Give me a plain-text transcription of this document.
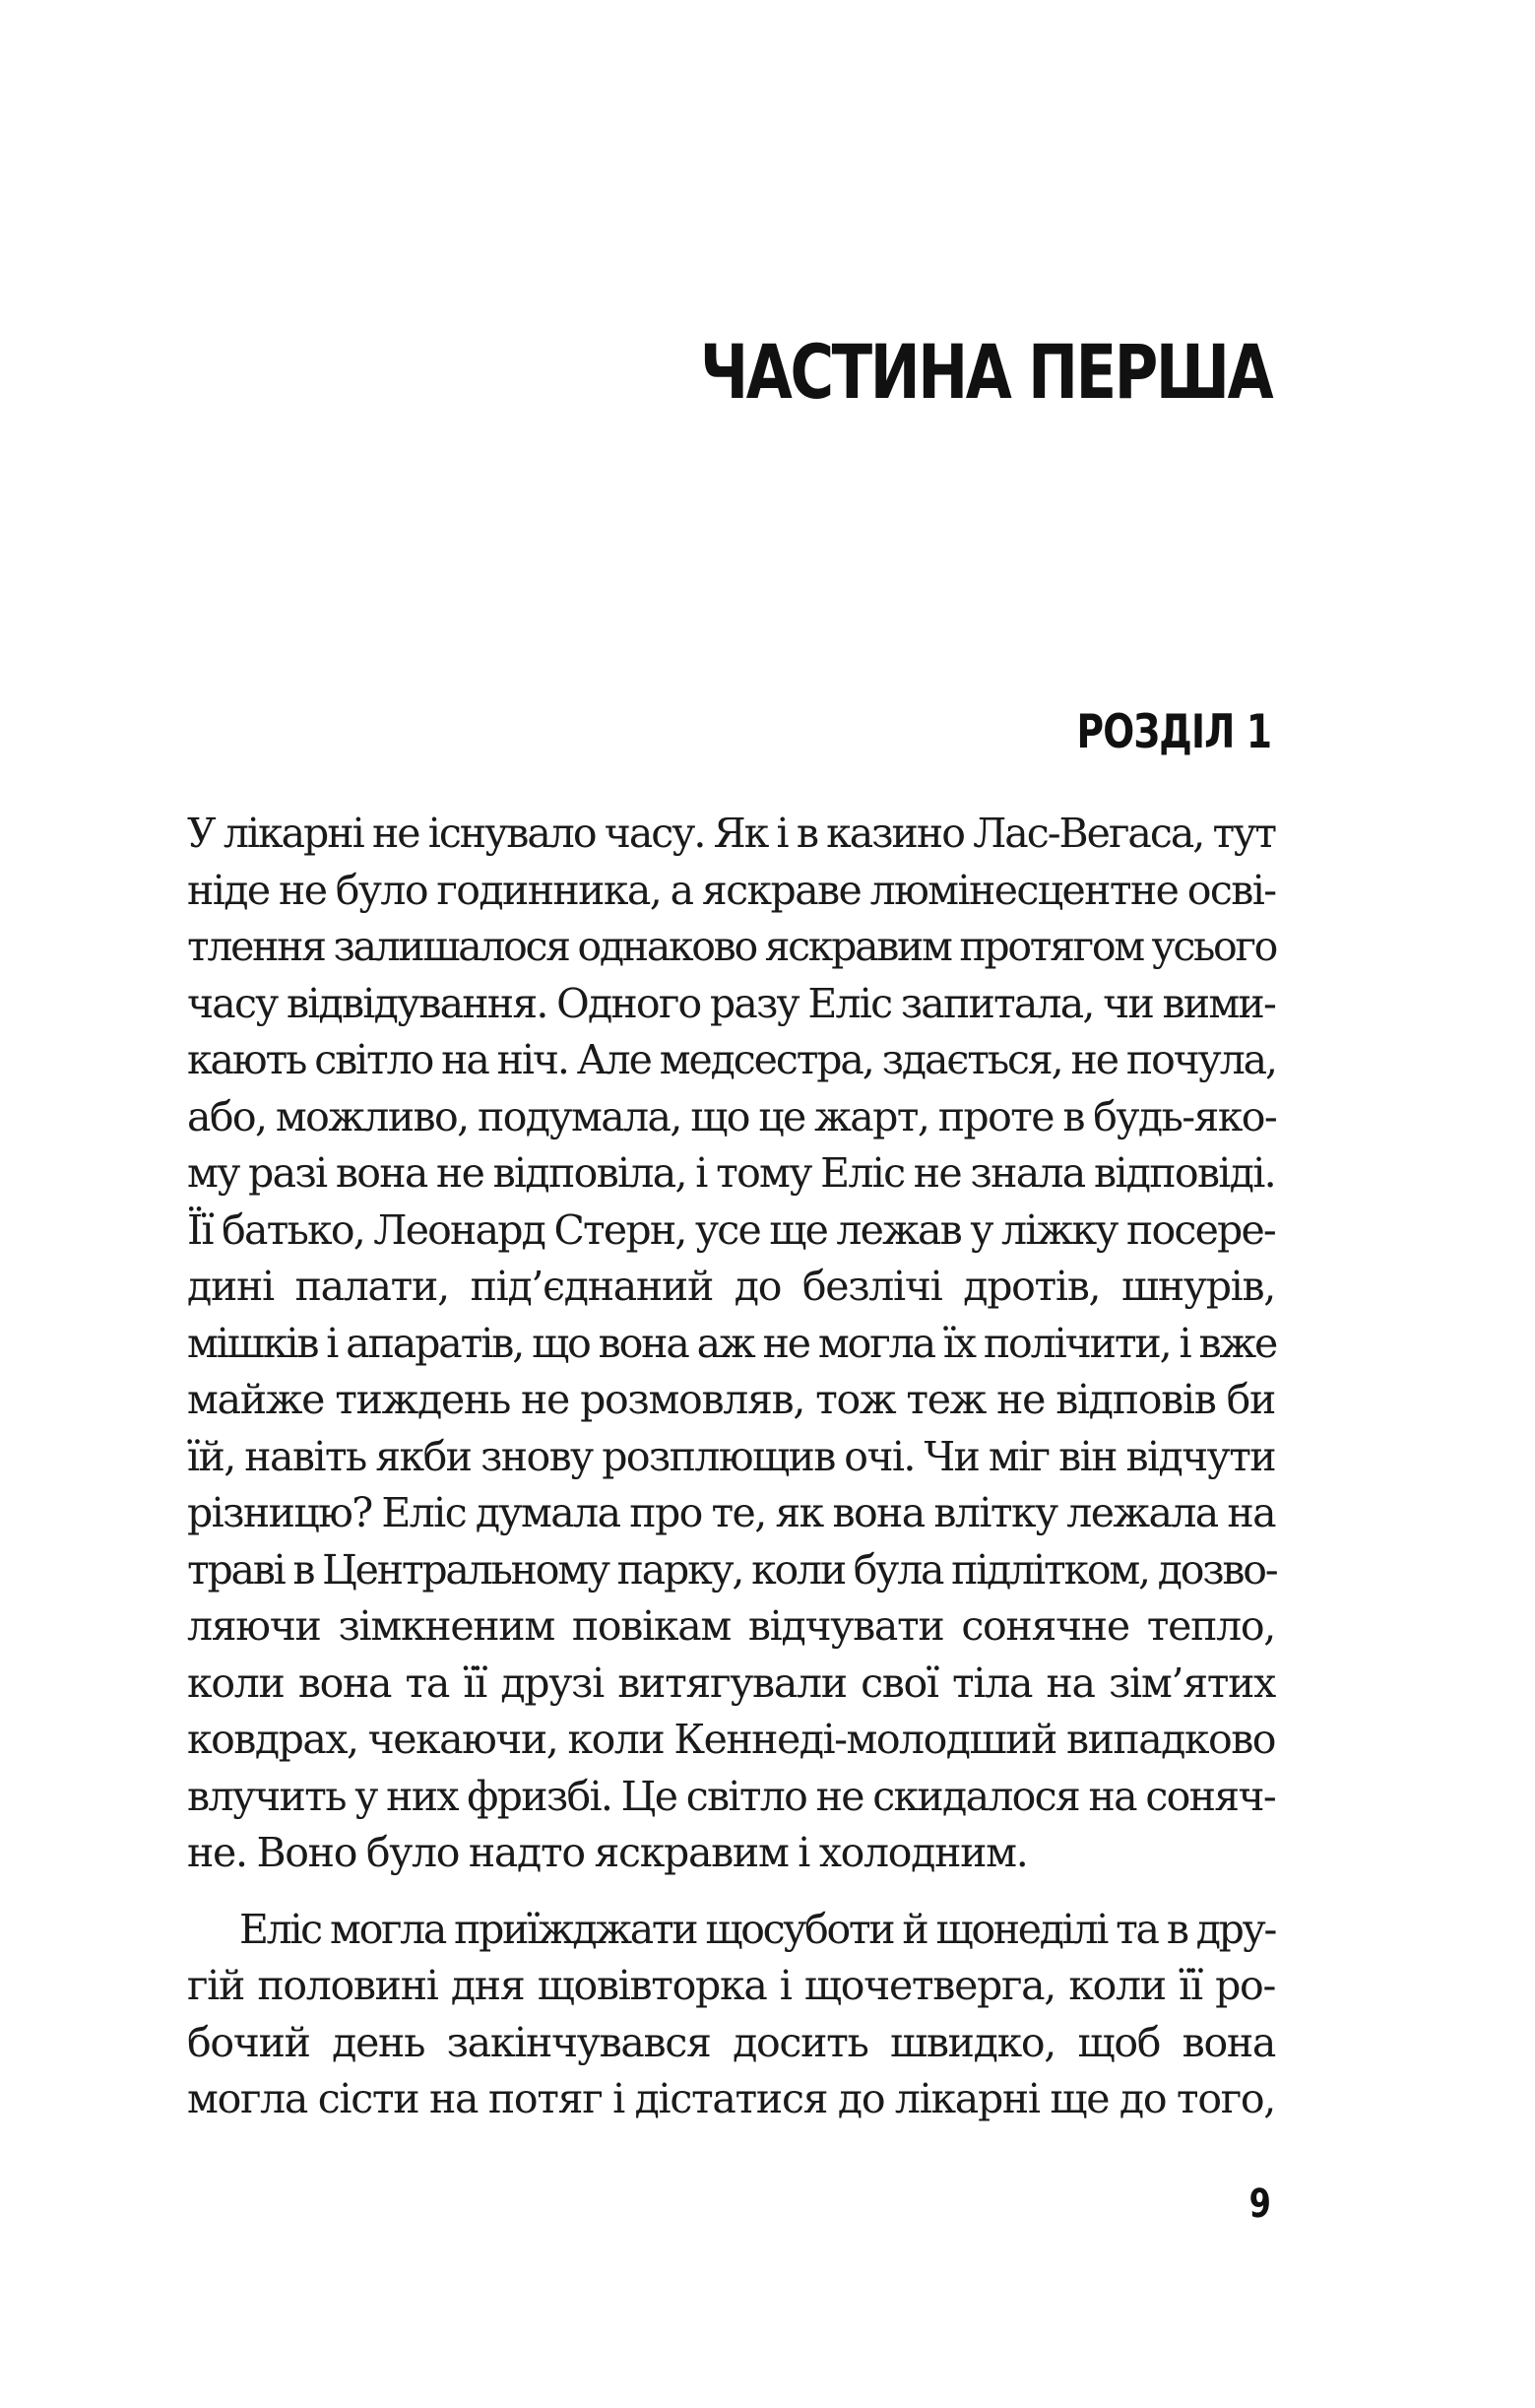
ЧАСТИНА ПЕРША
РОЗДІЛ 1
У лікарні не існувало часу. Як і в казино Лас-Вегаса, тут
ніде не було годинника, а яскраве люмінесцентне осві-
тлення залишалося однаково яскравим протягом усього
часу відвідування. Одного разу Еліс запитала, чи вими-
кають світло на ніч. Але медсестра, здається, не почула,
або, можливо, подумала, що це жарт, проте в будь-яко-
му разі вона не відповіла, і тому Еліс не знала відповіді.
Її батько, Леонард Стерн, усе ще лежав у ліжку посере-
дині палати, під’єднаний до безлічі дротів, шнурів,
мішків і апаратів, що вона аж не могла їх полічити, і вже
майже тиждень не розмовляв, тож теж не відповів би
їй, навіть якби знову розплющив очі. Чи міг він відчути
різницю? Еліс думала про те, як вона влітку лежала на
траві в Центральному парку, коли була підлітком, дозво-
ляючи зімкненим повікам відчувати сонячне тепло,
коли вона та її друзі витягували свої тіла на зім’ятих
ковдрах, чекаючи, коли Кеннеді-молодший випадково
влучить у них фризбі. Це світло не скидалося на соняч-
не. Воно було надто яскравим і холодним.
Еліс могла приїжджати щосуботи й щонеділі та в дру-
гій половині дня щовівторка і щочетверга, коли її ро-
бочий день закінчувався досить швидко, щоб вона
могла сісти на потяг і дістатися до лікарні ще до того,
9
